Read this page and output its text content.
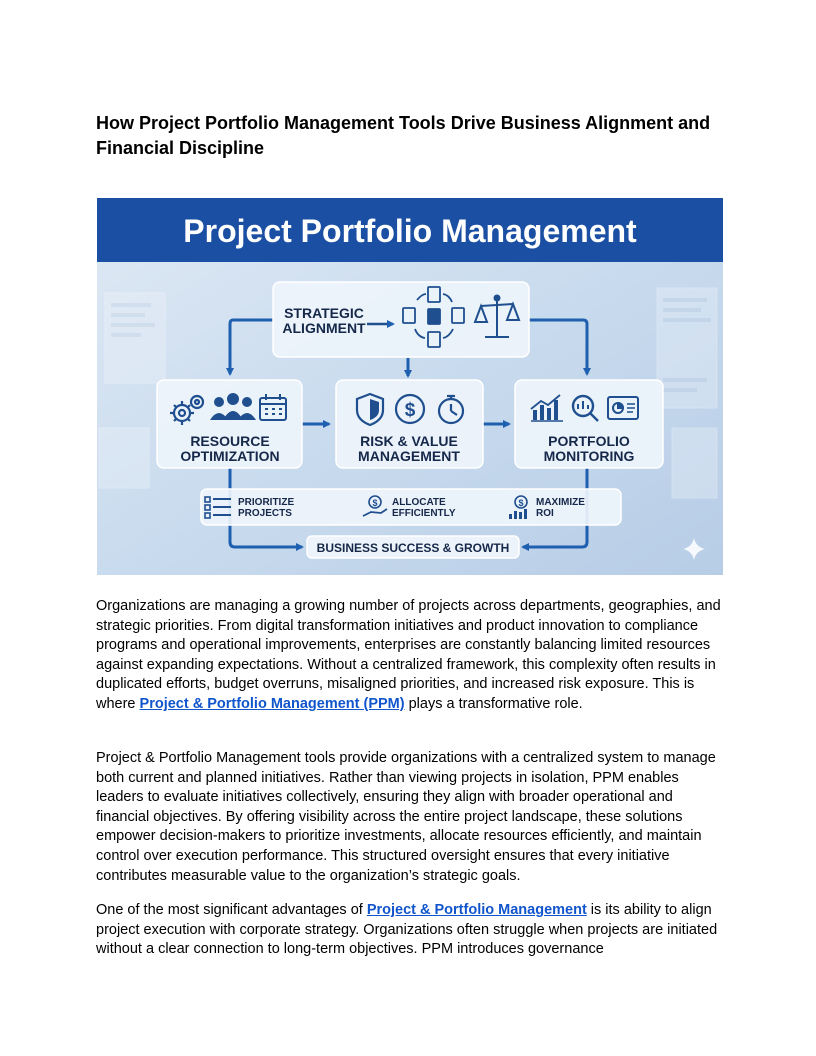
How Project Portfolio Management Tools Drive Business Alignment and Financial Discipline
Project Portfolio Management
STRATEGIC
ALIGNMENT
RESOURCE
OPTIMIZATION
$
RISK & VALUE
MANAGEMENT
PORTFOLIO
MONITORING
PRIORITIZE
PROJECTS
$ ALLOCATE
EFFICIENTLY
$ MAXIMIZE
ROI
BUSINESS SUCCESS & GROWTH

Organizations are managing a growing number of projects across departments, geographies, and strategic priorities. From digital transformation initiatives and product innovation to compliance programs and operational improvements, enterprises are constantly balancing limited resources against expanding expectations. Without a centralized framework, this complexity often results in duplicated efforts, budget overruns, misaligned priorities, and increased risk exposure. This is where Project & Portfolio Management (PPM) plays a transformative role.

Project & Portfolio Management tools provide organizations with a centralized system to manage both current and planned initiatives. Rather than viewing projects in isolation, PPM enables leaders to evaluate initiatives collectively, ensuring they align with broader operational and financial objectives. By offering visibility across the entire project landscape, these solutions empower decision-makers to prioritize investments, allocate resources efficiently, and maintain control over execution performance. This structured oversight ensures that every initiative contributes measurable value to the organization’s strategic goals.

One of the most significant advantages of Project & Portfolio Management is its ability to align project execution with corporate strategy. Organizations often struggle when projects are initiated without a clear connection to long-term objectives. PPM introduces governance
